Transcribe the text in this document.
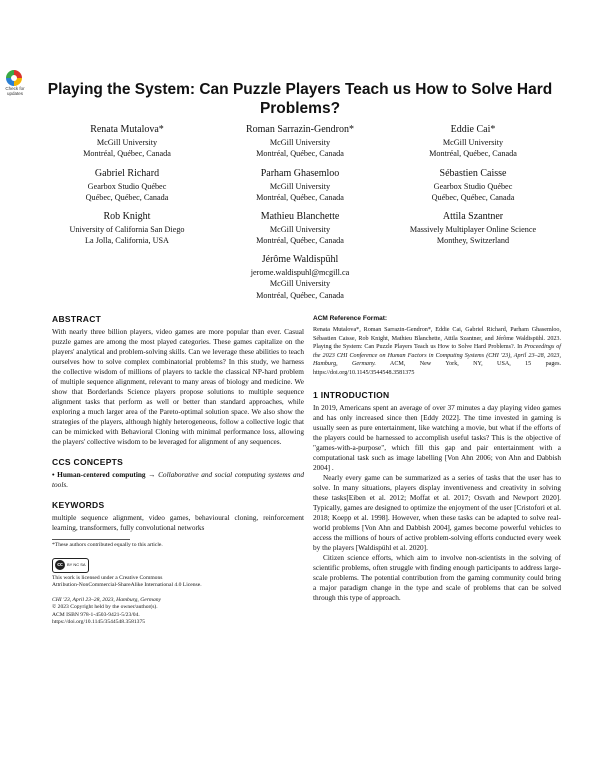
Check for
updates	Playing the System: Can Puzzle Players Teach us How to Solve Hard Problems?
Renata Mutalova*
McGill University
Montréal, Québec, Canada
Roman Sarrazin-Gendron*
McGill University
Montréal, Québec, Canada
Eddie Cai*
McGill University
Montréal, Québec, Canada
Gabriel Richard
Gearbox Studio Québec
Québec, Québec, Canada
Parham Ghasemloo
McGill University
Montréal, Québec, Canada
Sébastien Caisse
Gearbox Studio Québec
Québec, Québec, Canada
Rob Knight
University of California San Diego
La Jolla, California, USA
Mathieu Blanchette
McGill University
Montréal, Québec, Canada
Attila Szantner
Massively Multiplayer Online Science
Monthey, Switzerland
Jérôme Waldispühl
jerome.waldispuhl@mcgill.ca
McGill University
Montréal, Québec, Canada

ABSTRACT

With nearly three billion players, video games are more popular than ever. Casual puzzle games are among the most played categories. These games capitalize on the players' analytical and problem-solving skills. Can we leverage these abilities to teach ourselves how to solve complex combinatorial problems? In this study, we harness the collective wisdom of millions of players to tackle the classical NP-hard problem of multiple sequence alignment, relevant to many areas of biology and medicine. We show that Borderlands Science players propose solutions to multiple sequence alignment tasks that perform as well or better than standard approaches, while exploring a much larger area of the Pareto-optimal solution space. We also show the strategies of the players, although highly heterogeneous, follow a collective logic that can be mimicked with Behavioral Cloning with minimal performance loss, allowing the players' collective wisdom to be leveraged for alignment of any sequences.

CCS CONCEPTS

• Human-centered computing → Collaborative and social computing systems and tools.

KEYWORDS

multiple sequence alignment, video games, behavioural cloning, reinforcement learning, transformers, fully convolutional networks

*These authors contributed equally to this article.

cc	BY NC SA

This work is licensed under a Creative Commons

Attribution-NonCommercial-ShareAlike International 4.0 License.

CHI '23, April 23–28, 2023, Hamburg, Germany

© 2023 Copyright held by the owner/author(s).

ACM ISBN 978-1-4503-9421-5/23/04.

https://doi.org/10.1145/3544548.3581375

ACM Reference Format:

Renata Mutalova*, Roman Sarrazin-Gendron*, Eddie Cai, Gabriel Richard, Parham Ghasemloo, Sébastien Caisse, Rob Knight, Mathieu Blanchette, Attila Szantner, and Jérôme Waldispühl. 2023. Playing the System: Can Puzzle Players Teach us How to Solve Hard Problems?. In Proceedings of the 2023 CHI Conference on Human Factors in Computing Systems (CHI '23), April 23–28, 2023, Hamburg, Germany. ACM, New York, NY, USA, 15 pages. https://doi.org/10.1145/3544548.3581375

1 INTRODUCTION

In 2019, Americans spent an average of over 37 minutes a day playing video games and has only increased since then [Eddy 2022]. The time invested in gaming is usually seen as pure entertainment, like watching a movie, but what if the efforts of the players could be harnessed to accomplish useful tasks? This is the objective of "games-with-a-purpose", which fill this gap and pair entertainment with a computational task such as image labelling [Von Ahn 2006; von Ahn and Dabbish 2004] .

Nearly every game can be summarized as a series of tasks that the user has to solve. In many situations, players display inventiveness and creativity in solving these tasks[Eiben et al. 2012; Moffat et al. 2017; Osvath and Newport 2020]. Typically, games are designed to optimize the enjoyment of the user [Cristofori et al. 2018; Koepp et al. 1998]. However, when these tasks can be adapted to solve real-world problems [Von Ahn and Dabbish 2004], games become powerful vehicles to access the millions of hours of active problem-solving efforts conducted every week by the players [Waldispühl et al. 2020].

Citizen science efforts, which aim to involve non-scientists in the solving of scientific problems, often struggle with finding enough participants to address large-scale problems. The potential contribution from the gaming community could bring a major paradigm change in the type and scale of problems that can be solved through this type of approach.
